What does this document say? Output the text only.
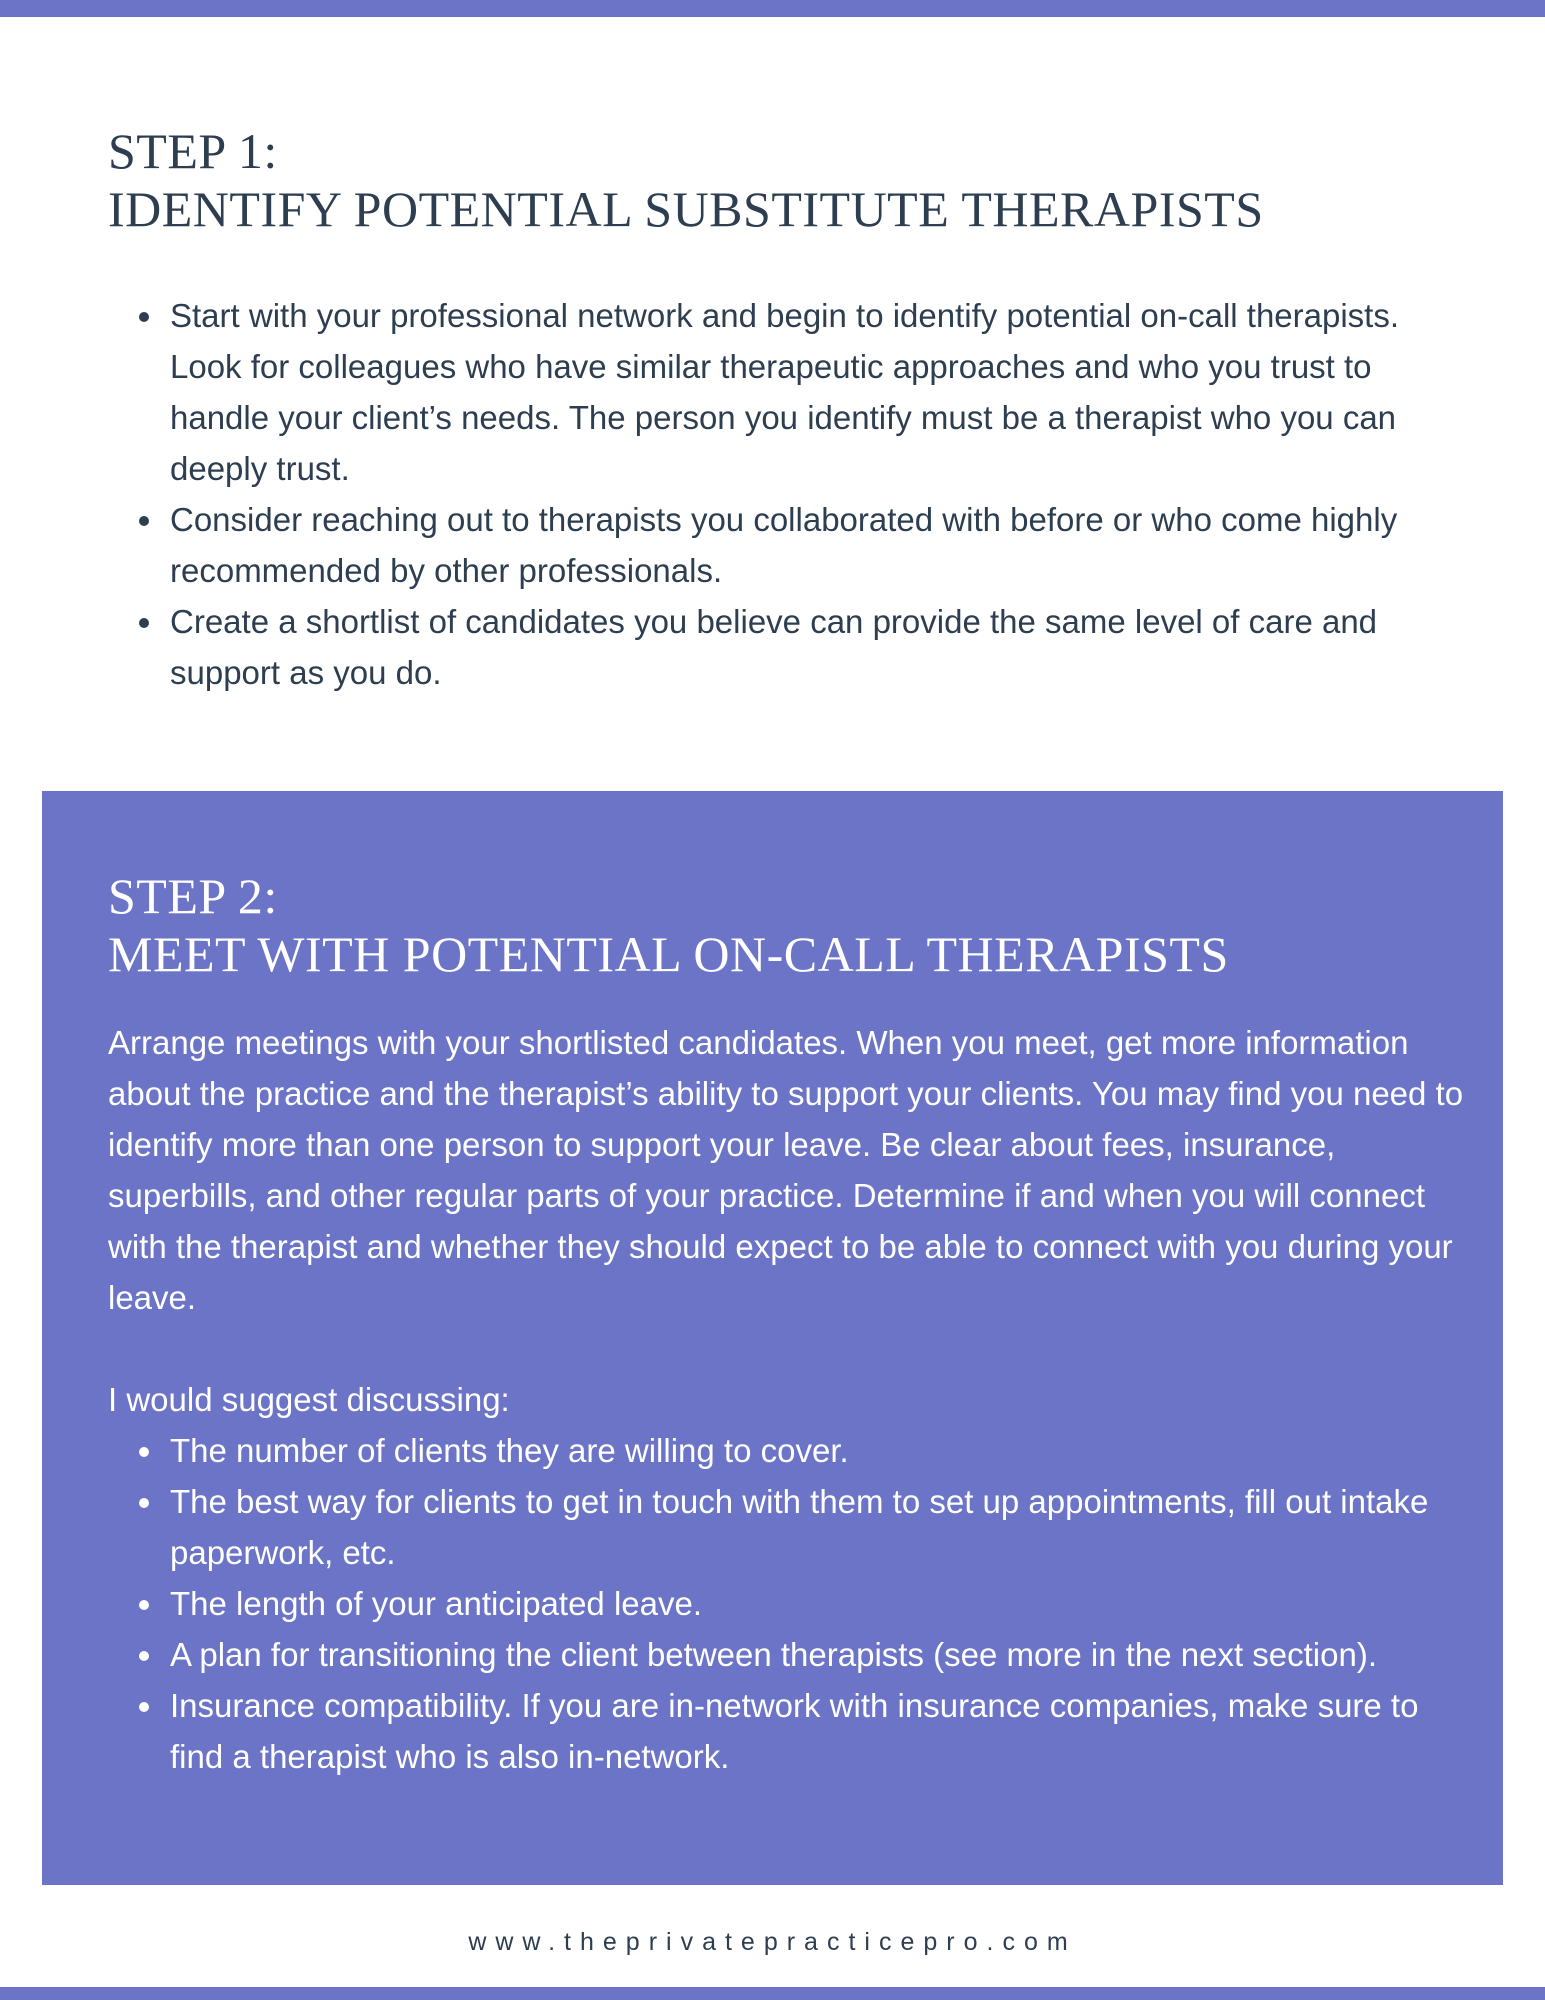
STEP 1:
IDENTIFY POTENTIAL SUBSTITUTE THERAPISTS
Start with your professional network and begin to identify potential on-call therapists. Look for colleagues who have similar therapeutic approaches and who you trust to handle your client’s needs. The person you identify must be a therapist who you can deeply trust.
Consider reaching out to therapists you collaborated with before or who come highly recommended by other professionals.
Create a shortlist of candidates you believe can provide the same level of care and support as you do.
STEP 2:
MEET WITH POTENTIAL ON-CALL THERAPISTS

Arrange meetings with your shortlisted candidates. When you meet, get more information about the practice and the therapist’s ability to support your clients. You may find you need to identify more than one person to support your leave. Be clear about fees, insurance, superbills, and other regular parts of your practice. Determine if and when you will connect with the therapist and whether they should expect to be able to connect with you during your leave.

I would suggest discussing:

The number of clients they are willing to cover.
The best way for clients to get in touch with them to set up appointments, fill out intake paperwork, etc.
The length of your anticipated leave.
A plan for transitioning the client between therapists (see more in the next section).
Insurance compatibility. If you are in-network with insurance companies, make sure to find a therapist who is also in-network.
www.theprivatepracticepro.com
